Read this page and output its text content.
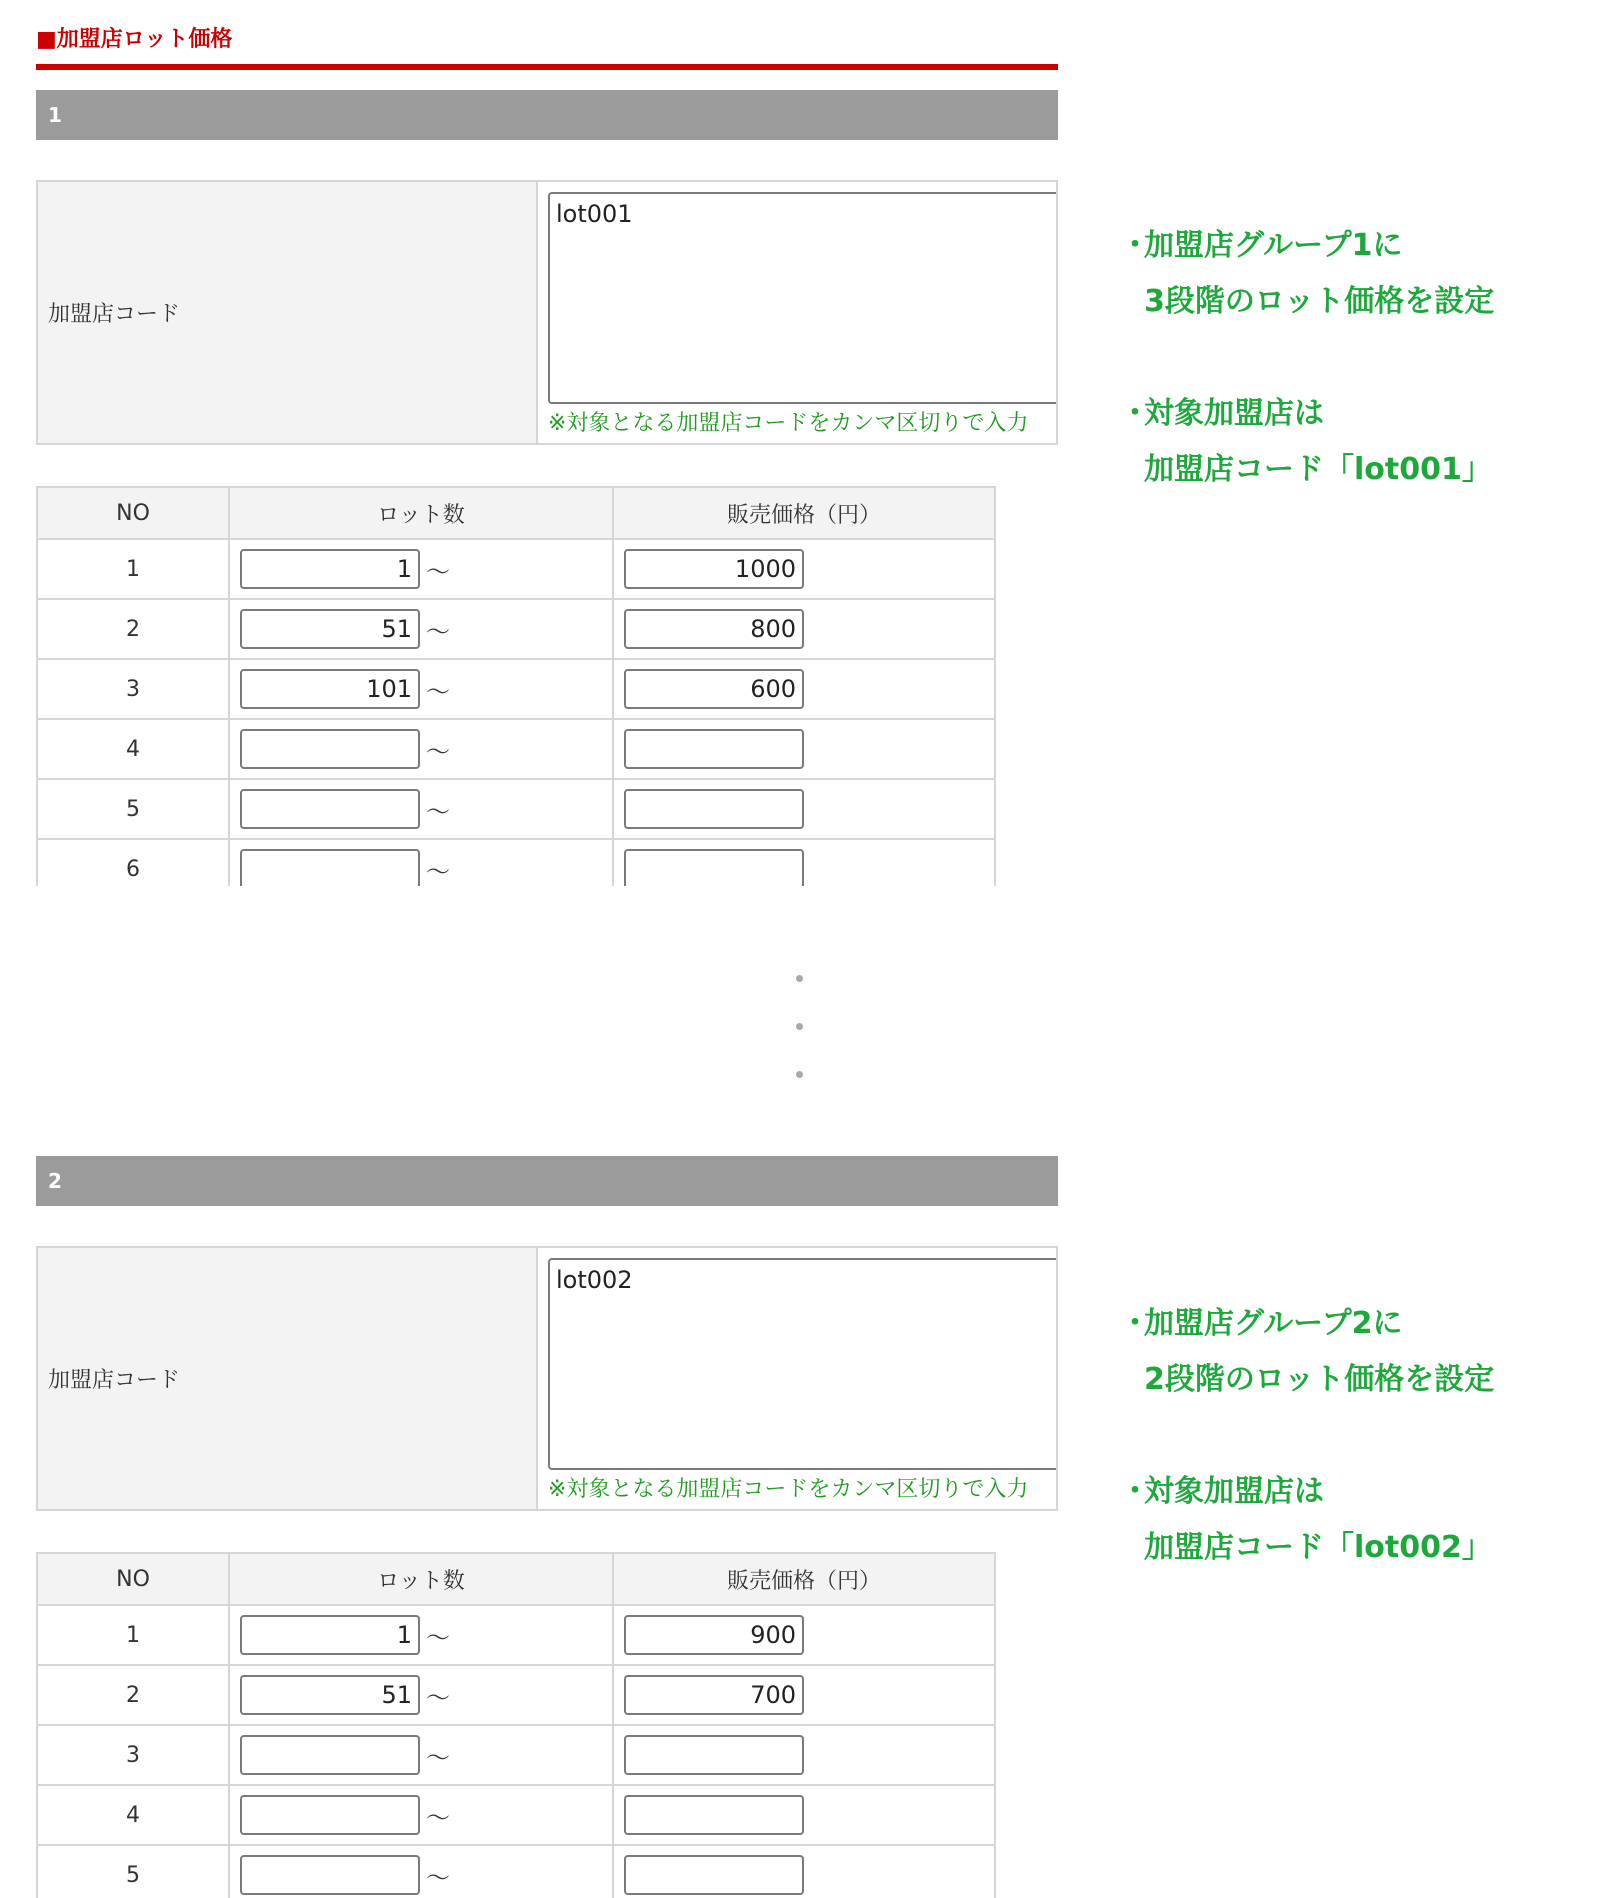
■加盟店ロット価格
1
加盟店コード
lot001
※対象となる加盟店コードをカンマ区切りで入力
NO	ロット数	販売価格（円）
1	1 〜	1000
2	51 〜	800
3	101 〜	600
4	〜	
5	〜	
6	〜	
2
加盟店コード
lot002
※対象となる加盟店コードをカンマ区切りで入力
NO	ロット数	販売価格（円）
1	1 〜	900
2	51 〜	700
3	〜	
4	〜	
5	〜	
・加盟店グループ1に
3段階のロット価格を設定
・対象加盟店は
加盟店コード「lot001」
・加盟店グループ2に
2段階のロット価格を設定
・対象加盟店は
加盟店コード「lot002」
